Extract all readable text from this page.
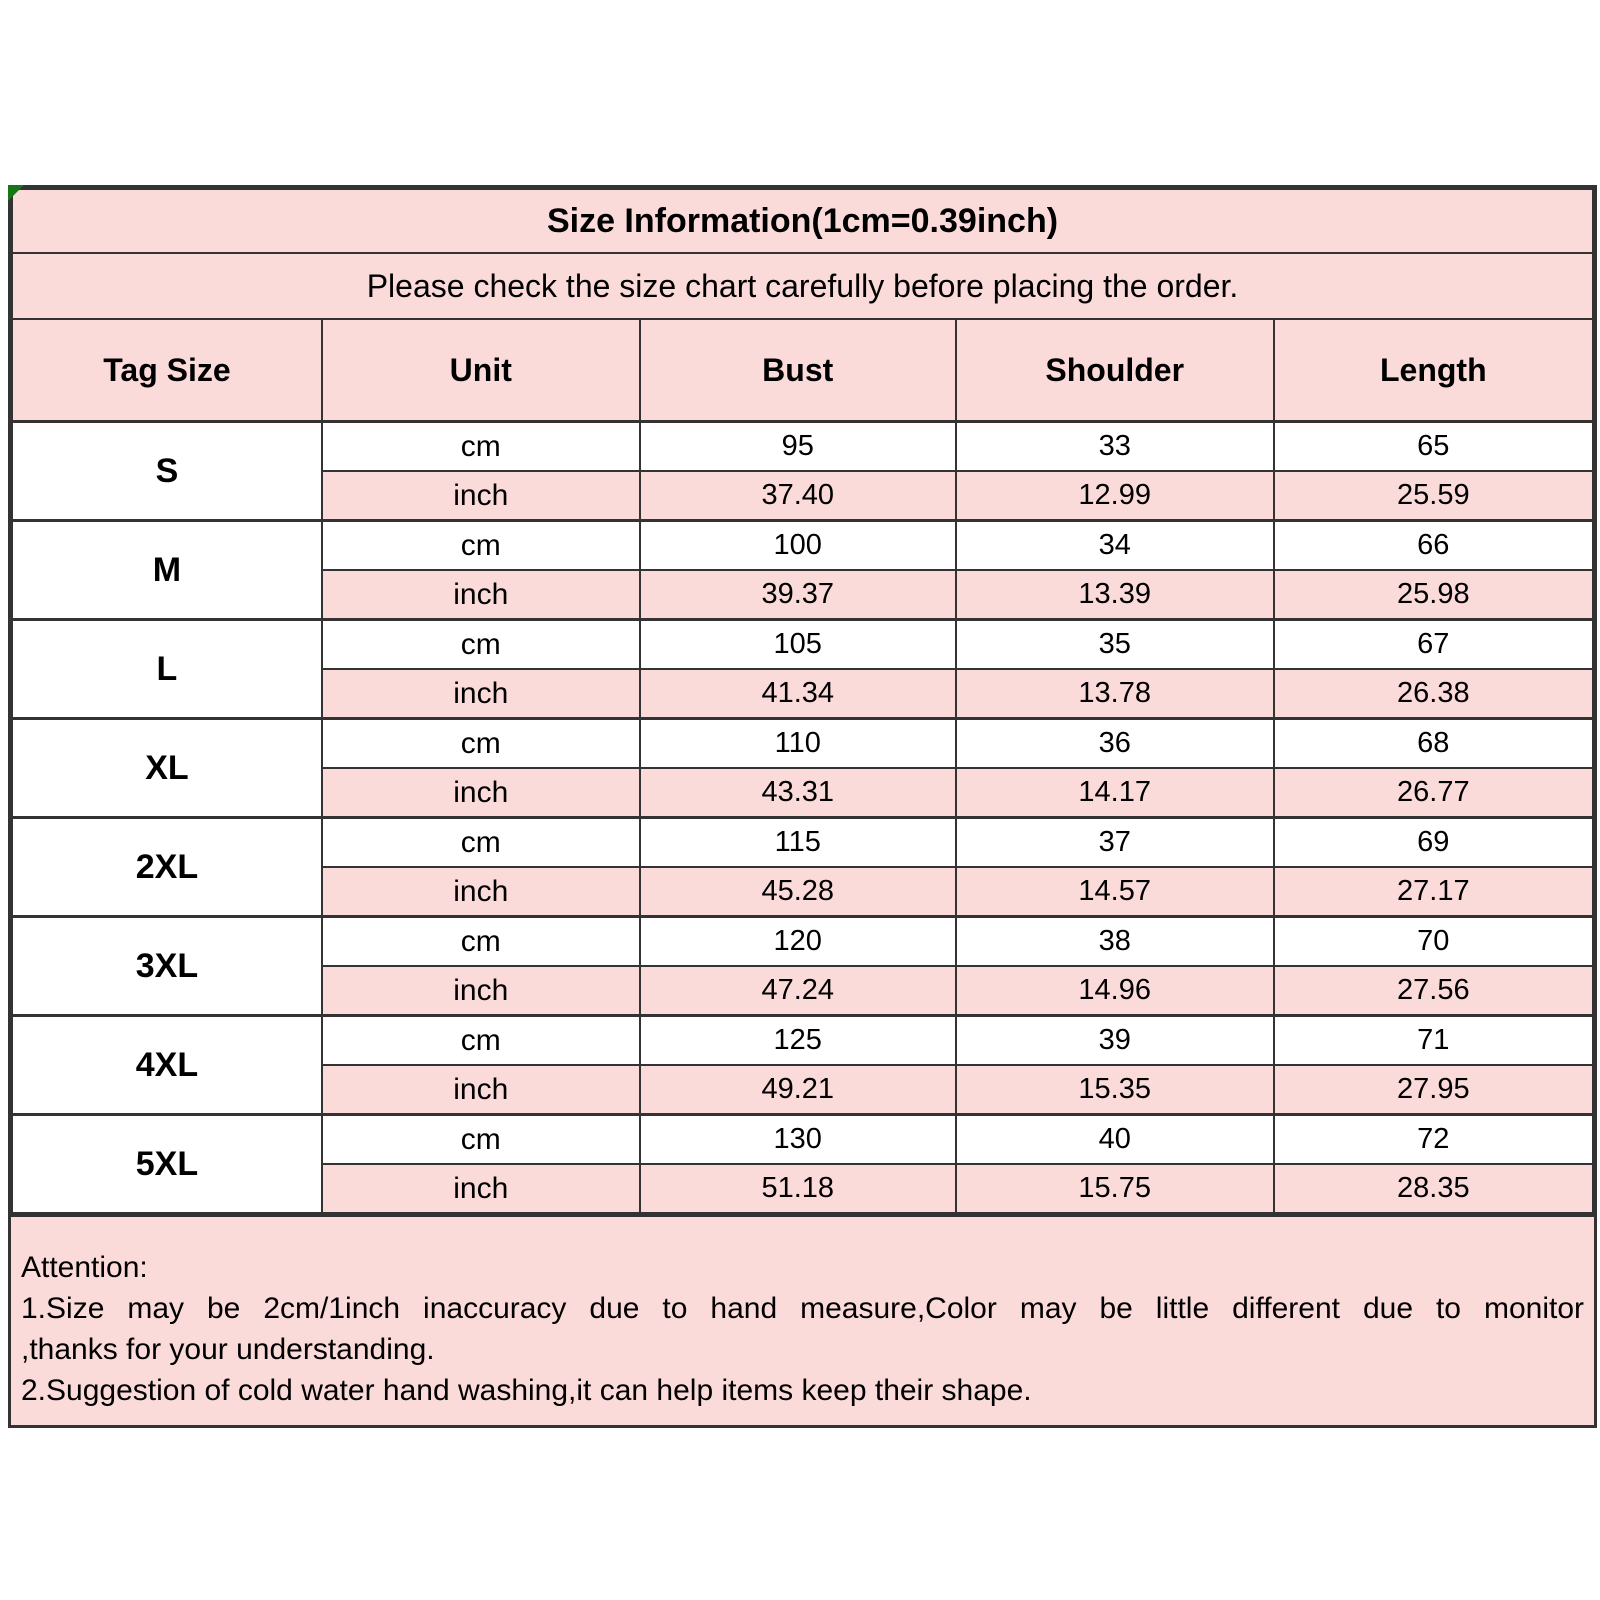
Size Information(1cm=0.39inch)				
Please check the size chart carefully before placing the order.				
Tag Size	Unit	Bust	Shoulder	Length
S	cm	95	33	65
	inch	37.40	12.99	25.59
M	cm	100	34	66
	inch	39.37	13.39	25.98
L	cm	105	35	67
	inch	41.34	13.78	26.38
XL	cm	110	36	68
	inch	43.31	14.17	26.77
2XL	cm	115	37	69
	inch	45.28	14.57	27.17
3XL	cm	120	38	70
	inch	47.24	14.96	27.56
4XL	cm	125	39	71
	inch	49.21	15.35	27.95
5XL	cm	130	40	72
	inch	51.18	15.75	28.35
Attention:
1.Size may be 2cm/1inch inaccuracy due to hand measure,Color may be little different due to monitor
,thanks for your understanding.
2.Suggestion of cold water hand washing,it can help items keep their shape.
